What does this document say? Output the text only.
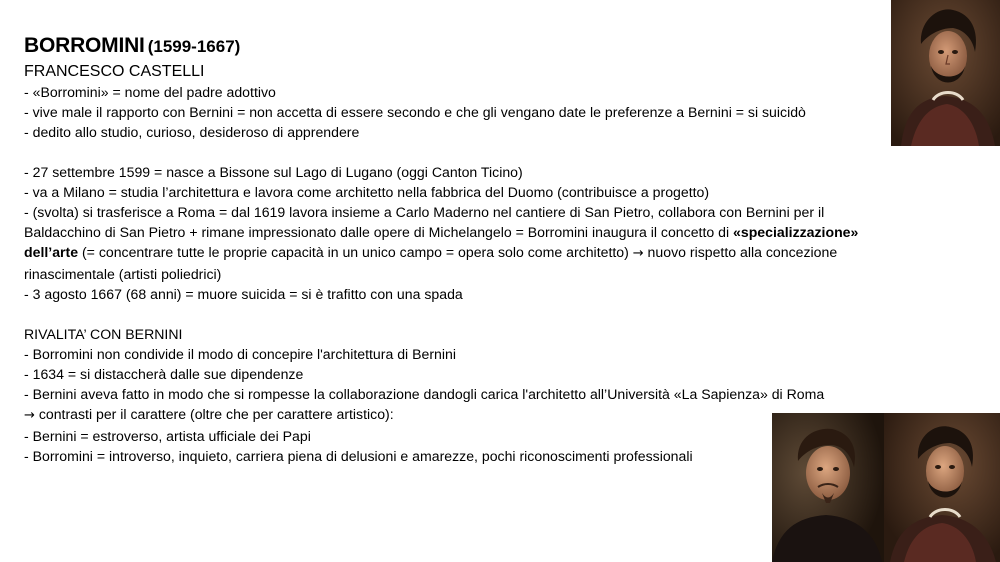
BORROMINI (1599-1667)
FRANCESCO CASTELLI
- «Borromini» = nome del padre adottivo
- vive male il rapporto con Bernini = non accetta di essere secondo e che gli vengano date le preferenze a Bernini = si suicidò
- dedito allo studio, curioso, desideroso di apprendere
- 27 settembre 1599 = nasce a Bissone sul Lago di Lugano (oggi Canton Ticino)
- va a Milano = studia l’architettura e lavora come architetto nella fabbrica del Duomo (contribuisce a progetto)
- (svolta) si trasferisce a Roma = dal 1619 lavora insieme a Carlo Maderno nel cantiere di San Pietro, collabora con Bernini per il
Baldacchino di San Pietro + rimane impressionato dalle opere di Michelangelo = Borromini inaugura il concetto di «specializzazione»
dell’arte (= concentrare tutte le proprie capacità in un unico campo = opera solo come architetto) → nuovo rispetto alla concezione
rinascimentale (artisti poliedrici)
- 3 agosto 1667 (68 anni) = muore suicida = si è trafitto con una spada
RIVALITA’ CON BERNINI
- Borromini non condivide il modo di concepire l'architettura di Bernini
- 1634 = si distaccherà dalle sue dipendenze
- Bernini aveva fatto in modo che si rompesse la collaborazione dandogli carica l'architetto all’Università «La Sapienza» di Roma
→ contrasti per il carattere (oltre che per carattere artistico):
- Bernini = estroverso, artista ufficiale dei Papi
- Borromini = introverso, inquieto, carriera piena di delusioni e amarezze, pochi riconoscimenti professionali
